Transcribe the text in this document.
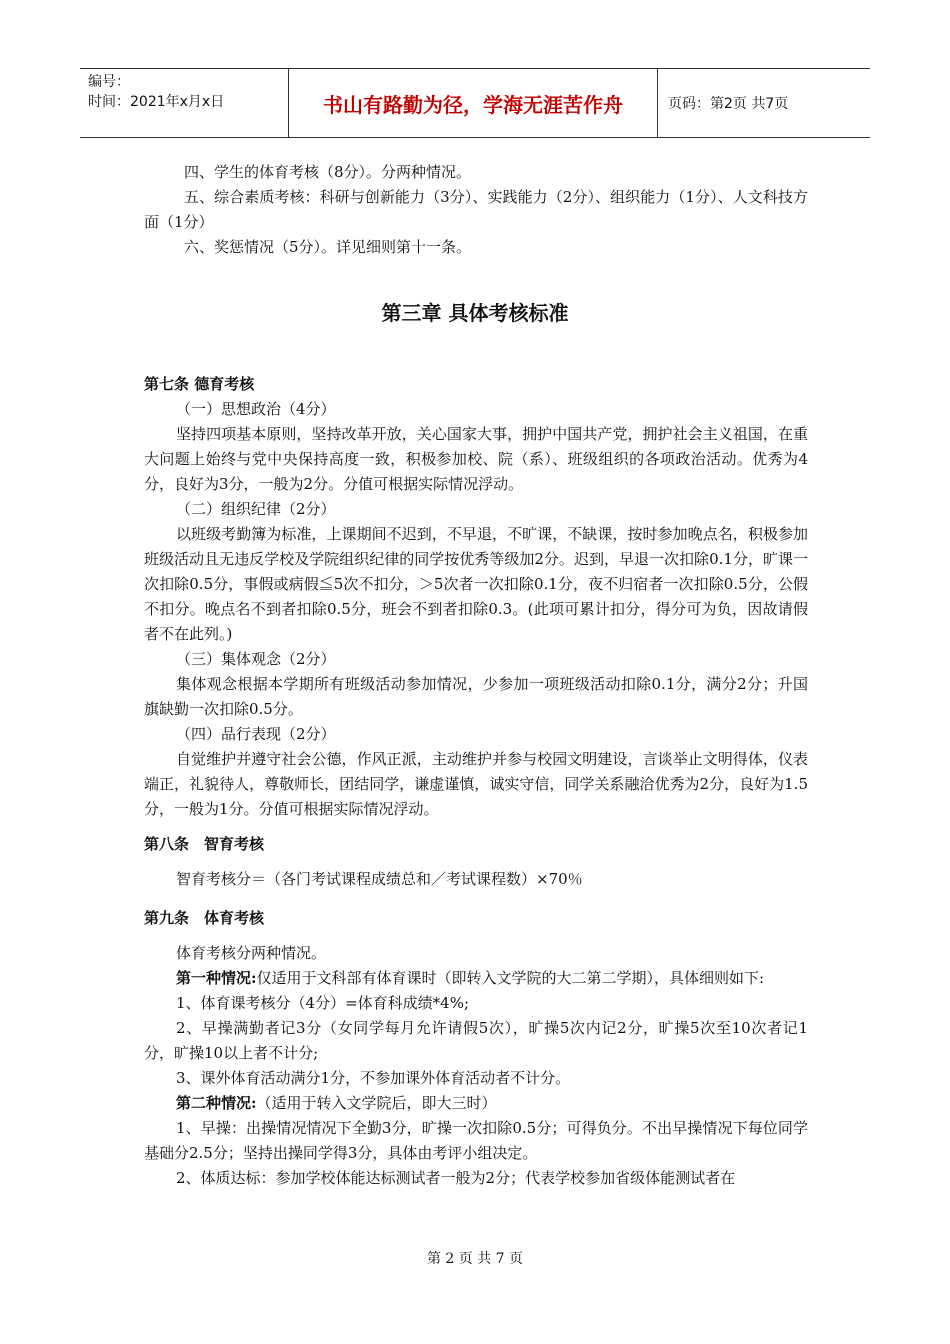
编号：
时间：2021年x月x日	书山有路勤为径，学海无涯苦作舟	页码：第2页 共7页

四、学生的体育考核（8分）。分两种情况。

五、综合素质考核：科研与创新能力（3分）、实践能力（2分）、组织能力（1分）、人文科技方面（1分）

六、奖惩情况（5分）。详见细则第十一条。

第三章 具体考核标准

第七条 德育考核

（一）思想政治（4分）

坚持四项基本原则，坚持改革开放，关心国家大事，拥护中国共产党，拥护社会主义祖国，在重大问题上始终与党中央保持高度一致，积极参加校、院（系）、班级组织的各项政治活动。优秀为4分，良好为3分，一般为2分。分值可根据实际情况浮动。

（二）组织纪律（2分）

以班级考勤簿为标准，上课期间不迟到，不早退，不旷课，不缺课，按时参加晚点名，积极参加班级活动且无违反学校及学院组织纪律的同学按优秀等级加2分。迟到，早退一次扣除0.1分，旷课一次扣除0.5分，事假或病假≦5次不扣分，＞5次者一次扣除0.1分，夜不归宿者一次扣除0.5分，公假不扣分。晚点名不到者扣除0.5分，班会不到者扣除0.3。(此项可累计扣分，得分可为负，因故请假者不在此列。)

（三）集体观念（2分）

集体观念根据本学期所有班级活动参加情况，少参加一项班级活动扣除0.1分，满分2分；升国旗缺勤一次扣除0.5分。

（四）品行表现（2分）

自觉维护并遵守社会公德，作风正派，主动维护并参与校园文明建设，言谈举止文明得体，仪表端正，礼貌待人，尊敬师长，团结同学，谦虚谨慎，诚实守信，同学关系融洽优秀为2分，良好为1.5分，一般为1分。分值可根据实际情况浮动。

第八条　智育考核

智育考核分＝（各门考试课程成绩总和／考试课程数）×70％

第九条　体育考核

体育考核分两种情况。

第一种情况:仅适用于文科部有体育课时（即转入文学院的大二第二学期），具体细则如下:

1、体育课考核分（4分）=体育科成绩*4%;

2、早操满勤者记3分（女同学每月允许请假5次），旷操5次内记2分，旷操5次至10次者记1分，旷操10以上者不计分;

3、课外体育活动满分1分，不参加课外体育活动者不计分。

第二种情况:（适用于转入文学院后，即大三时）

1、早操：出操情况情况下全勤3分，旷操一次扣除0.5分；可得负分。不出早操情况下每位同学基础分2.5分；坚持出操同学得3分，具体由考评小组决定。

2、体质达标：参加学校体能达标测试者一般为2分；代表学校参加省级体能测试者在

第 2 页 共 7 页
